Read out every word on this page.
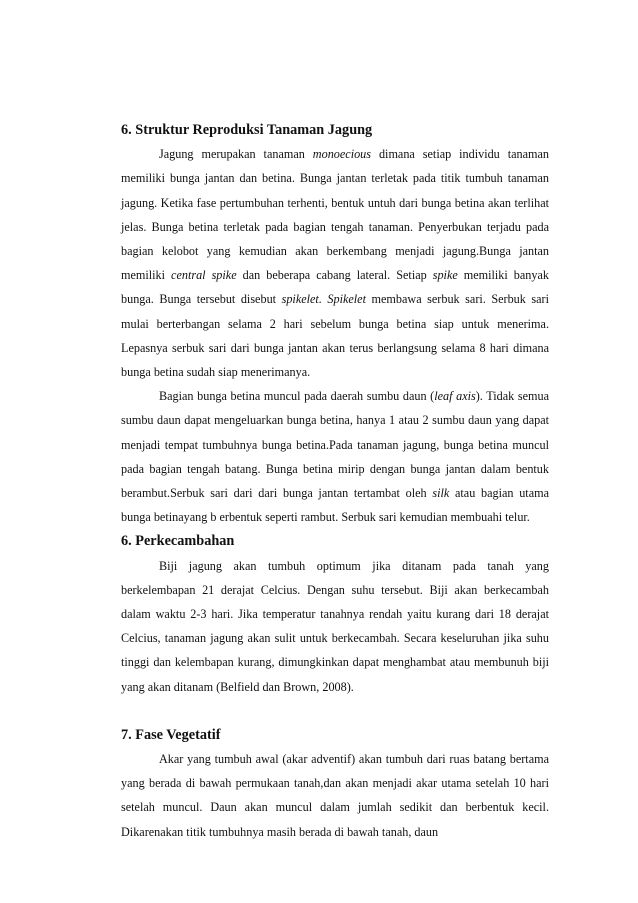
6. Struktur Reproduksi Tanaman Jagung

Jagung merupakan tanaman monoecious dimana setiap individu tanaman memiliki bunga jantan dan betina. Bunga jantan terletak pada titik tumbuh tanaman jagung. Ketika fase pertumbuhan terhenti, bentuk untuh dari bunga betina akan terlihat jelas. Bunga betina terletak pada bagian tengah tanaman. Penyerbukan terjadu pada bagian kelobot yang kemudian akan berkembang menjadi jagung.Bunga jantan memiliki central spike dan beberapa cabang lateral. Setiap spike memiliki banyak bunga. Bunga tersebut disebut spikelet. Spikelet membawa serbuk sari. Serbuk sari mulai berterbangan selama 2 hari sebelum bunga betina siap untuk menerima. Lepasnya serbuk sari dari bunga jantan akan terus berlangsung selama 8 hari dimana bunga betina sudah siap menerimanya.

Bagian bunga betina muncul pada daerah sumbu daun (leaf axis). Tidak semua sumbu daun dapat mengeluarkan bunga betina, hanya 1 atau 2 sumbu daun yang dapat menjadi tempat tumbuhnya bunga betina.Pada tanaman jagung, bunga betina muncul pada bagian tengah batang. Bunga betina mirip dengan bunga jantan dalam bentuk berambut.Serbuk sari dari dari bunga jantan tertambat oleh silk atau bagian utama bunga betinayang b erbentuk seperti rambut. Serbuk sari kemudian membuahi telur.

6. Perkecambahan

Biji jagung akan tumbuh optimum jika ditanam pada tanah yang berkelembapan 21 derajat Celcius. Dengan suhu tersebut. Biji akan berkecambah dalam waktu 2-3 hari. Jika temperatur tanahnya rendah yaitu kurang dari 18 derajat Celcius, tanaman jagung akan sulit untuk berkecambah. Secara keseluruhan jika suhu tinggi dan kelembapan kurang, dimungkinkan dapat menghambat atau membunuh biji yang akan ditanam (Belfield dan Brown, 2008).

7. Fase Vegetatif

Akar yang tumbuh awal (akar adventif) akan tumbuh dari ruas batang bertama yang berada di bawah permukaan tanah,dan akan menjadi akar utama setelah 10 hari setelah muncul. Daun akan muncul dalam jumlah sedikit dan berbentuk kecil. Dikarenakan titik tumbuhnya masih berada di bawah tanah, daun
